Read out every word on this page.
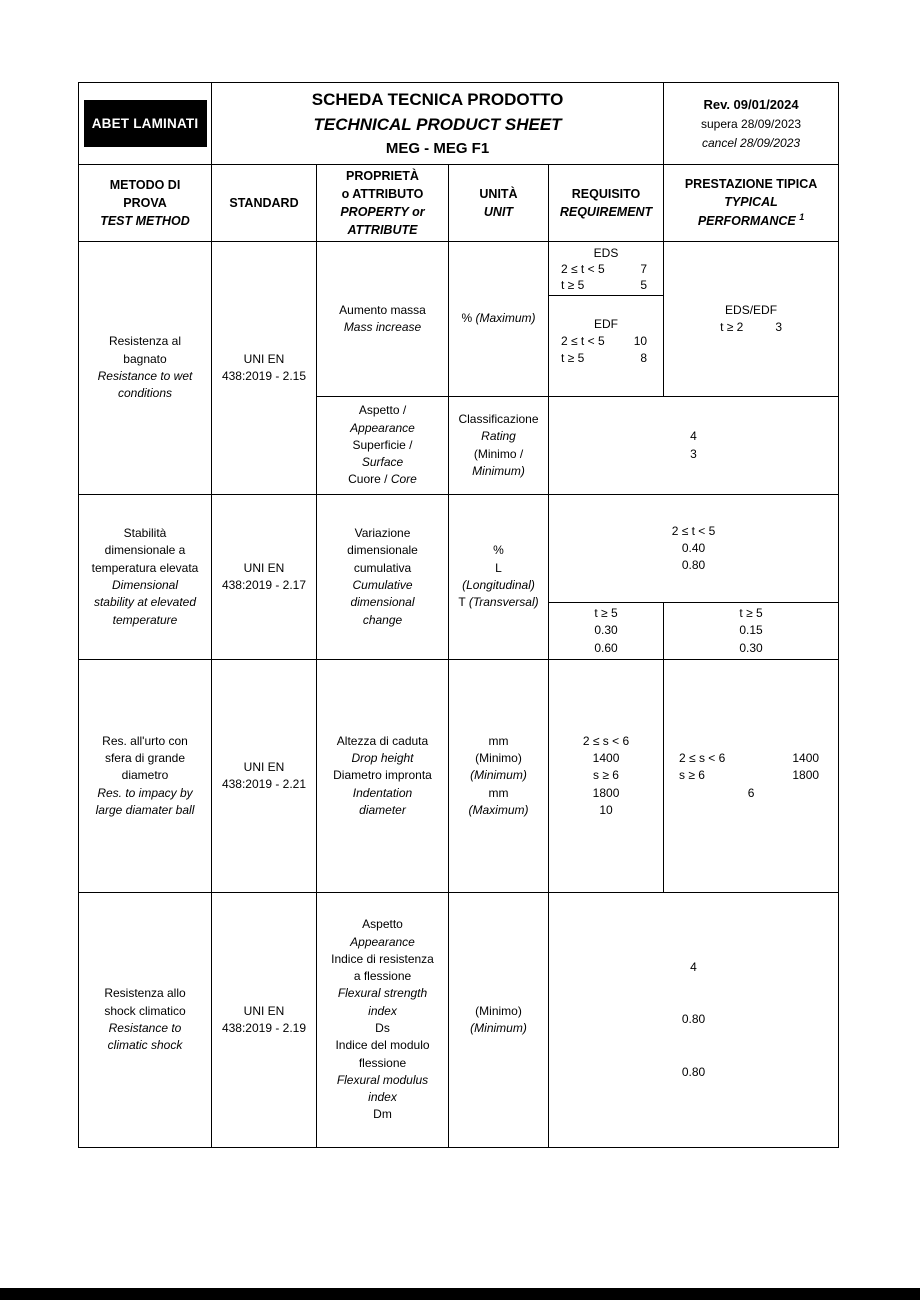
ABET LAMINATI

SCHEDA TECNICA PRODOTTO
TECHNICAL PRODUCT SHEET
MEG - MEG F1

Rev. 09/01/2024
supera 28/09/2023
cancel 28/09/2023

METODO DI
PROVA
TEST METHOD

STANDARD

PROPRIETÀ
o ATTRIBUTO
PROPERTY or
ATTRIBUTE

UNITÀ
UNIT

REQUISITO
REQUIREMENT

PRESTAZIONE TIPICA
TYPICAL
PERFORMANCE $^1$

Resistenza al
bagnato
Resistance to wet
conditions

UNI EN
438:2019 - 2.15

Aumento massa
Mass increase

% (Maximum)

EDS
2 ≤ t < 5	7
t ≥ 5	5
EDF
2 ≤ t < 5 10
t ≥ 5	8

EDS/EDF
t ≥ 2	3

Aspetto /
Appearance
Superficie /
Surface
Cuore / Core

Classificazione
Rating
(Minimo /
Minimum)

4
3

Stabilità
dimensionale a
temperatura elevata
Dimensional
stability at elevated
temperature

UNI EN
438:2019 - 2.17

Variazione
dimensionale
cumulativa
Cumulative
dimensional
change

%
L
(Longitudinal)
T (Transversal)

2 ≤ t < 5
0.40
0.80

t ≥ 5
0.30
0.60

t ≥ 5
0.15
0.30

Res. all'urto con
sfera di grande
diametro
Res. to impacy by
large diamater ball

UNI EN
438:2019 - 2.21

Altezza di caduta
Drop height
Diametro impronta
Indentation
diameter

mm
(Minimo)
(Minimum)
mm
(Maximum)

2 ≤ s < 6
1400
s ≥ 6
1800
10

2 ≤ s < 6	1400
s ≥ 6	1800
6

Resistenza allo
shock climatico
Resistance to
climatic shock

UNI EN
438:2019 - 2.19

Aspetto
Appearance
Indice di resistenza
a flessione
Flexural strength
index
Ds
Indice del modulo
flessione
Flexural modulus
index
Dm

(Minimo)
(Minimum)

4
0.80
0.80
